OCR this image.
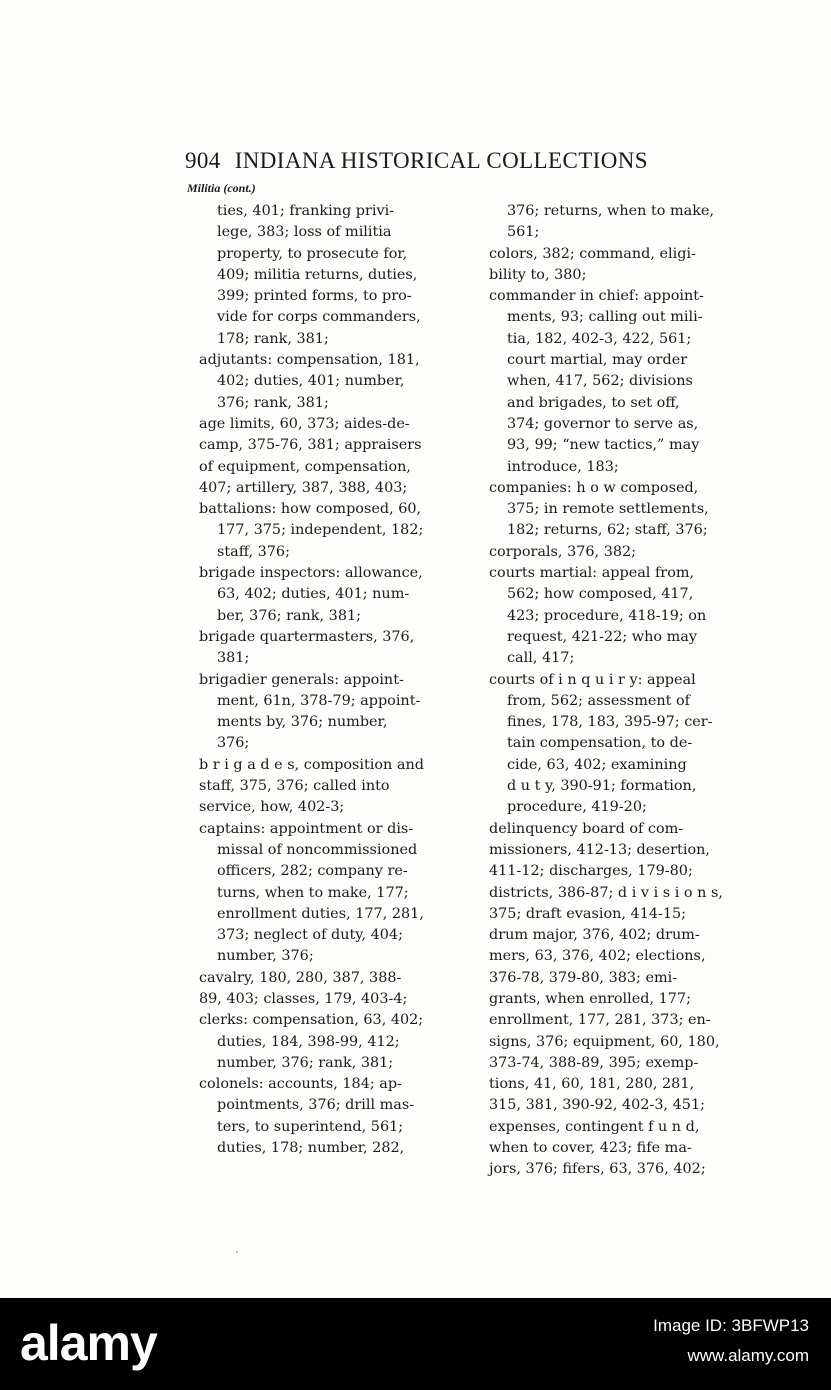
904 INDIANA HISTORICAL COLLECTIONS
Militia (cont.)
ties, 401; franking privi-
lege, 383; loss of militia
property, to prosecute for,
409; militia returns, duties,
399; printed forms, to pro-
vide for corps commanders,
178; rank, 381;
adjutants: compensation, 181,
402; duties, 401; number,
376; rank, 381;
age limits, 60, 373; aides-de-
camp, 375-76, 381; appraisers
of equipment, compensation,
407; artillery, 387, 388, 403;
battalions: how composed, 60,
177, 375; independent, 182;
staff, 376;
brigade inspectors: allowance,
63, 402; duties, 401; num-
ber, 376; rank, 381;
brigade quartermasters, 376,
381;
brigadier generals: appoint-
ment, 61n, 378-79; appoint-
ments by, 376; number,
376;
b r i g a d e s, composition and
staff, 375, 376; called into
service, how, 402-3;
captains: appointment or dis-
missal of noncommissioned
officers, 282; company re-
turns, when to make, 177;
enrollment duties, 177, 281,
373; neglect of duty, 404;
number, 376;
cavalry, 180, 280, 387, 388-
89, 403; classes, 179, 403-4;
clerks: compensation, 63, 402;
duties, 184, 398-99, 412;
number, 376; rank, 381;
colonels: accounts, 184; ap-
pointments, 376; drill mas-
ters, to superintend, 561;
duties, 178; number, 282,
376; returns, when to make,
561;
colors, 382; command, eligi-
bility to, 380;
commander in chief: appoint-
ments, 93; calling out mili-
tia, 182, 402-3, 422, 561;
court martial, may order
when, 417, 562; divisions
and brigades, to set off,
374; governor to serve as,
93, 99; “new tactics,” may
introduce, 183;
companies: h o w composed,
375; in remote settlements,
182; returns, 62; staff, 376;
corporals, 376, 382;
courts martial: appeal from,
562; how composed, 417,
423; procedure, 418-19; on
request, 421-22; who may
call, 417;
courts of i n q u i r y: appeal
from, 562; assessment of
fines, 178, 183, 395-97; cer-
tain compensation, to de-
cide, 63, 402; examining
d u t y, 390-91; formation,
procedure, 419-20;
delinquency board of com-
missioners, 412-13; desertion,
411-12; discharges, 179-80;
districts, 386-87; d i v i s i o n s,
375; draft evasion, 414-15;
drum major, 376, 402; drum-
mers, 63, 376, 402; elections,
376-78, 379-80, 383; emi-
grants, when enrolled, 177;
enrollment, 177, 281, 373; en-
signs, 376; equipment, 60, 180,
373-74, 388-89, 395; exemp-
tions, 41, 60, 181, 280, 281,
315, 381, 390-92, 402-3, 451;
expenses, contingent f u n d,
when to cover, 423; fife ma-
jors, 376; fifers, 63, 376, 402;
alamy	Image ID: 3BFWP13
www.alamy.com
